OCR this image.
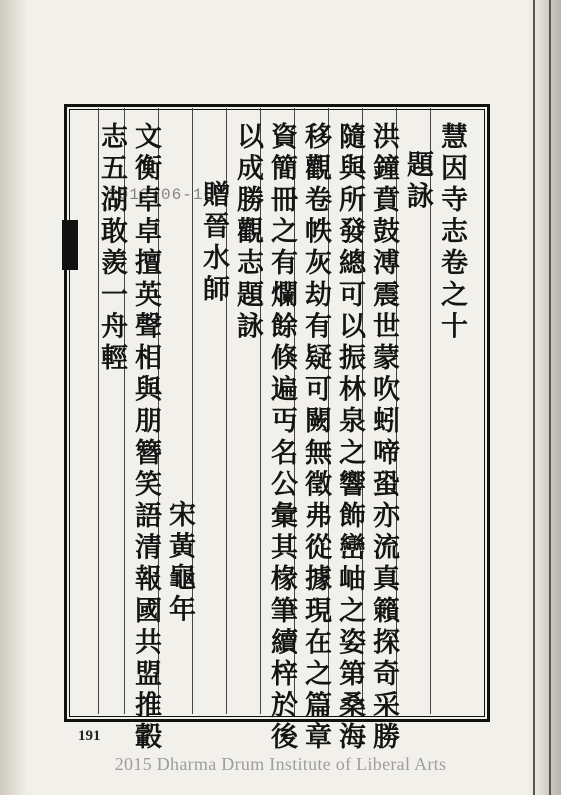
慧因寺志卷之十
題詠
洪鐘賁鼓溥震世蒙吹蚓啼蛩亦流真籟探奇采勝
隨與所發總可以振林泉之響飾巒岫之姿第桑海
移觀卷帙灰劫有疑可闕無徵弗從據現在之篇章
資簡冊之有爛餘倏遍丏名公彙其椽筆續梓於後
以成勝觀志題詠
贈晉水師
宋黃龜年
文衡卓卓擅英聲相與朋簪笑語清報國共盟推轂
志五湖敢羨一舟輕
2013-06-16
191
2015 Dharma Drum Institute of Liberal Arts
